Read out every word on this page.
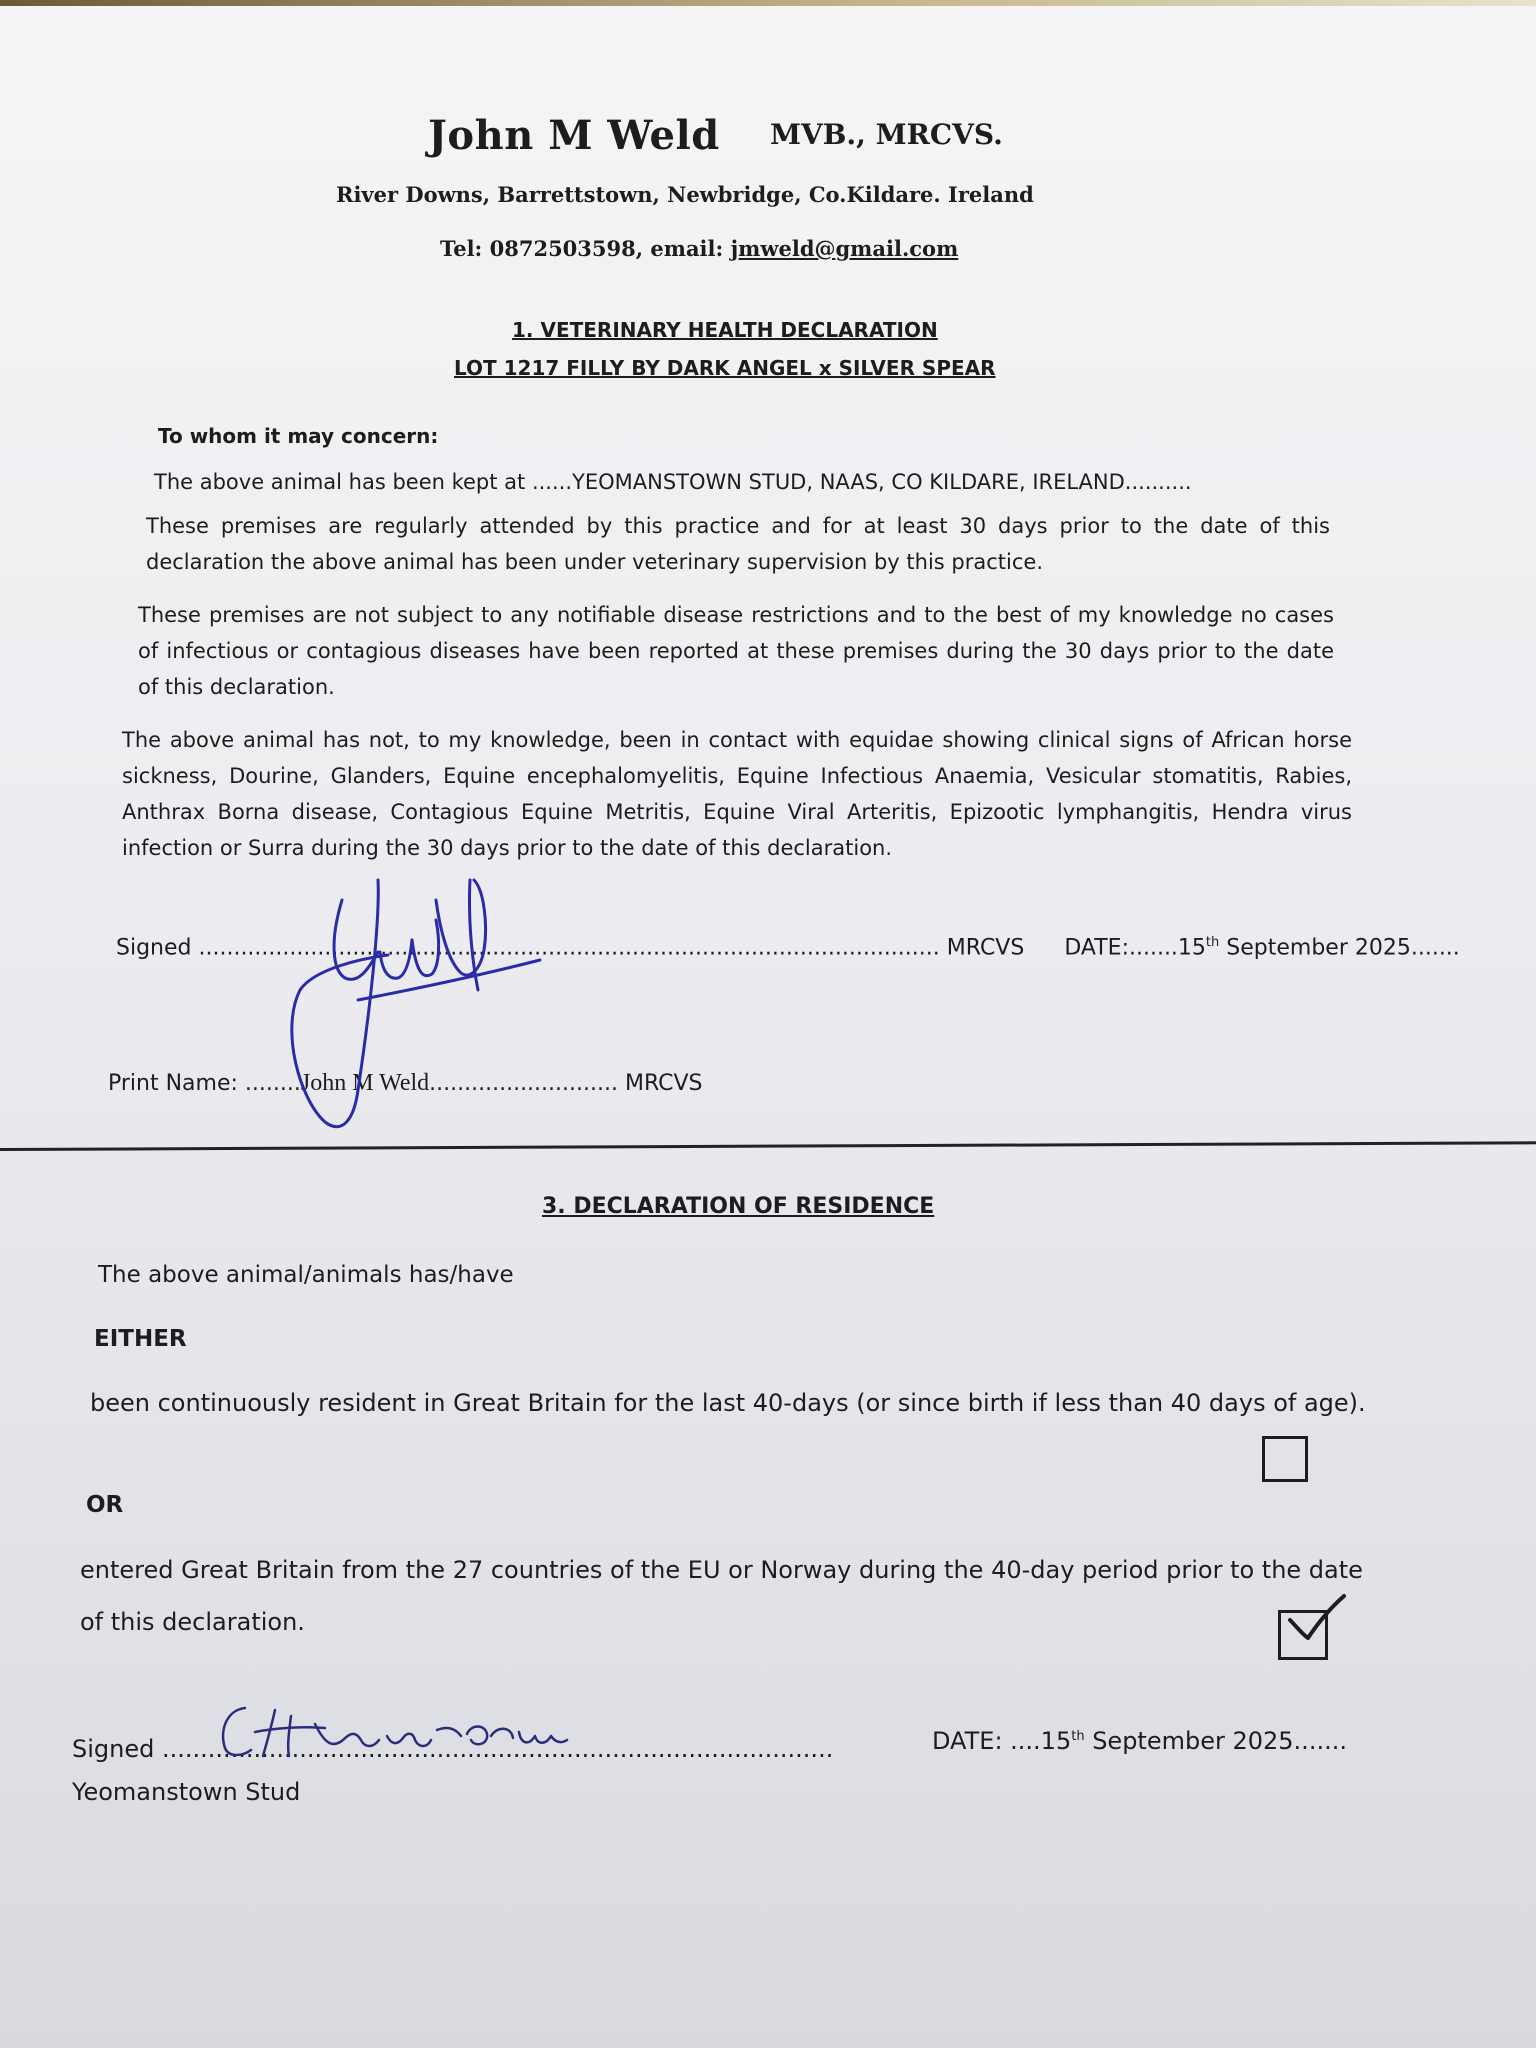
John M Weld MVB., MRCVS.
River Downs, Barrettstown, Newbridge, Co.Kildare. Ireland
Tel: 0872503598, email: jmweld@gmail.com
1. VETERINARY HEALTH DECLARATION
LOT 1217 FILLY BY DARK ANGEL x SILVER SPEAR
To whom it may concern:
The above animal has been kept at ......YEOMANSTOWN STUD, NAAS, CO KILDARE, IRELAND..........
These premises are regularly attended by this practice and for at least 30 days prior to the date of this declaration the above animal has been under veterinary supervision by this practice.
These premises are not subject to any notifiable disease restrictions and to the best of my knowledge no cases of infectious or contagious diseases have been reported at these premises during the 30 days prior to the date of this declaration.
The above animal has not, to my knowledge, been in contact with equidae showing clinical signs of African horse sickness, Dourine, Glanders, Equine encephalomyelitis, Equine Infectious Anaemia, Vesicular stomatitis, Rabies, Anthrax Borna disease, Contagious Equine Metritis, Equine Viral Arteritis, Epizootic lymphangitis, Hendra virus infection or Surra during the 30 days prior to the date of this declaration.
Signed .......................................................................................................... MRCVS DATE:.......15th September 2025.......
Print Name: ........John M Weld........................... MRCVS
3. DECLARATION OF RESIDENCE
The above animal/animals has/have
EITHER
been continuously resident in Great Britain for the last 40-days (or since birth if less than 40 days of age).
OR
entered Great Britain from the 27 countries of the EU or Norway during the 40-day period prior to the date of this declaration.
Signed ........................................................................................	DATE: ....15th September 2025.......
Yeomanstown Stud
